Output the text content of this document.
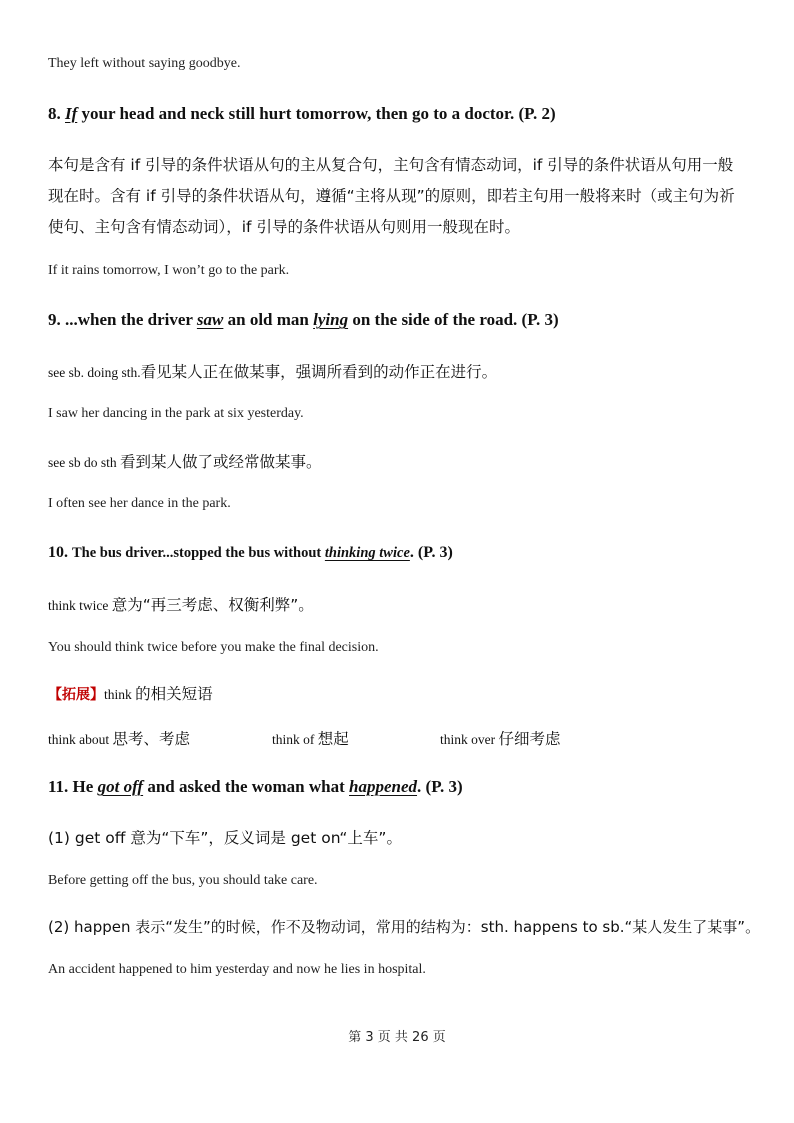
They left without saying goodbye.
8. If your head and neck still hurt tomorrow, then go to a doctor. (P. 2)
本句是含有 if 引导的条件状语从句的主从复合句，主句含有情态动词，if 引导的条件状语从句用一般
现在时。含有 if 引导的条件状语从句，遵循“主将从现”的原则，即若主句用一般将来时（或主句为祈
使句、主句含有情态动词），if 引导的条件状语从句则用一般现在时。
If it rains tomorrow, I won’t go to the park.
9. ...when the driver saw an old man lying on the side of the road. (P. 3)
see sb. doing sth.看见某人正在做某事，强调所看到的动作正在进行。
I saw her dancing in the park at six yesterday.
see sb do sth 看到某人做了或经常做某事。
I often see her dance in the park.
10. The bus driver...stopped the bus without thinking twice. (P. 3)
think twice 意为“再三考虑、权衡利弊”。
You should think twice before you make the final decision.
【拓展】think 的相关短语
think about 思考、考虑	think of 想起	think over 仔细考虑
11. He got off and asked the woman what happened. (P. 3)
(1) get off 意为“下车”，反义词是 get on“上车”。
Before getting off the bus, you should take care.
(2) happen 表示“发生”的时候，作不及物动词，常用的结构为：sth. happens to sb.“某人发生了某事”。
An accident happened to him yesterday and now he lies in hospital.
第 3 页 共 26 页
